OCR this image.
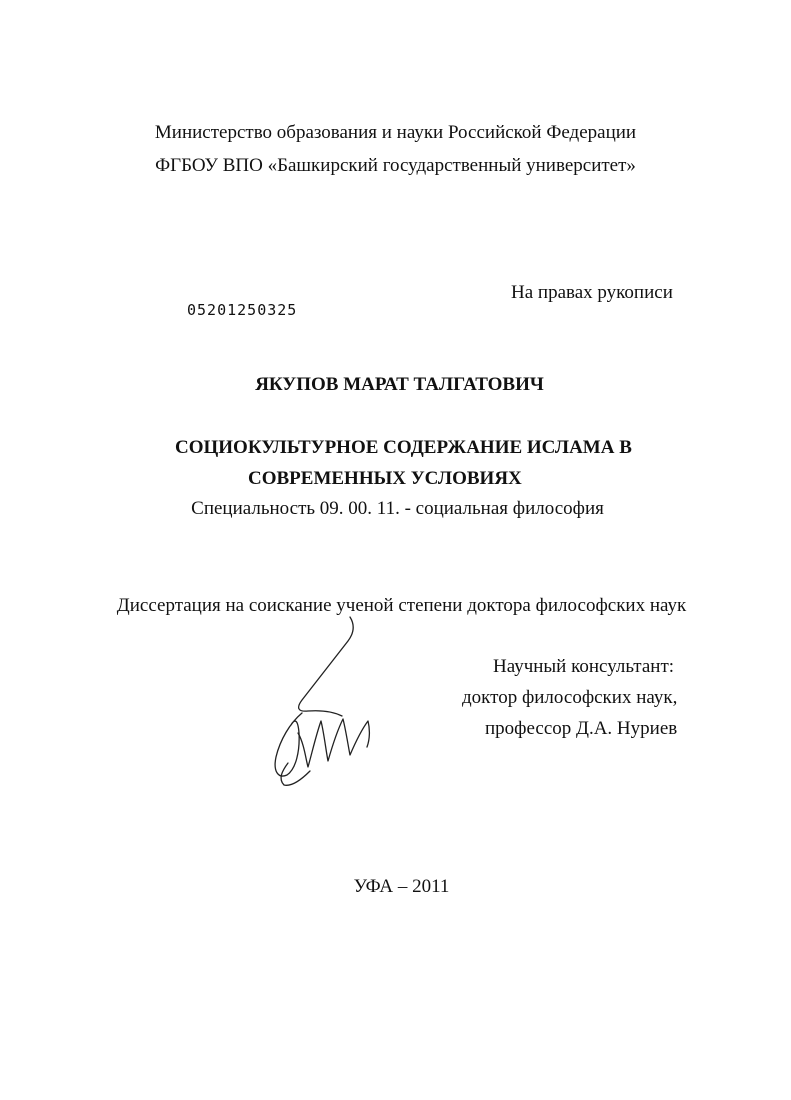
Министерство образования и науки Российской Федерации
ФГБОУ ВПО «Башкирский государственный университет»
На правах рукописи
05201250325
ЯКУПОВ МАРАТ ТАЛГАТОВИЧ
СОЦИОКУЛЬТУРНОЕ СОДЕРЖАНИЕ ИСЛАМА В
СОВРЕМЕННЫХ УСЛОВИЯХ
Специальность 09. 00. 11. - социальная философия
Диссертация на соискание ученой степени доктора философских наук
Научный консультант:
доктор философских наук,
профессор Д.А. Нуриев
УФА – 2011
